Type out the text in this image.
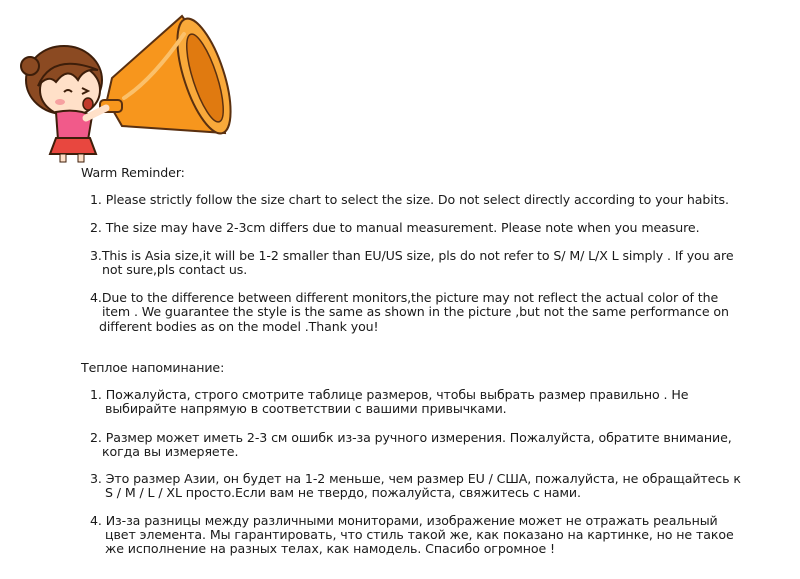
Warm Reminder:
1. Please strictly follow the size chart to select the size. Do not select directly according to your habits.
2. The size may have 2-3cm differs due to manual measurement. Please note when you measure.
3.This is Asia size,it will be 1-2 smaller than EU/US size, pls do not refer to S/ M/ L/X L simply . If you are
not sure,pls contact us.
4.Due to the difference between different monitors,the picture may not reflect the actual color of the
item . We guarantee the style is the same as shown in the picture ,but not the same performance on
different bodies as on the model .Thank you!
Теплое напоминание:
1. Пожалуйста, строго смотрите таблице размеров, чтобы выбрать размер правильно . Не
выбирайте напрямую в соответствии с вашими привычками.
2. Размер может иметь 2-3 см ошибк из-за ручного измерения. Пожалуйста, обратите внимание,
когда вы измеряете.
3. Это размер Азии, он будет на 1-2 меньше, чем размер EU / США, пожалуйста, не обращайтесь к
S / M / L / XL просто.Если вам не твердо, пожалуйста, свяжитесь с нами.
4. Из-за разницы между различными мониторами, изображение может не отражать реальный
цвет элемента. Мы гарантировать, что стиль такой же, как показано на картинке, но не такое
же исполнение на разных телах, как намодель. Спасибо огромное !
